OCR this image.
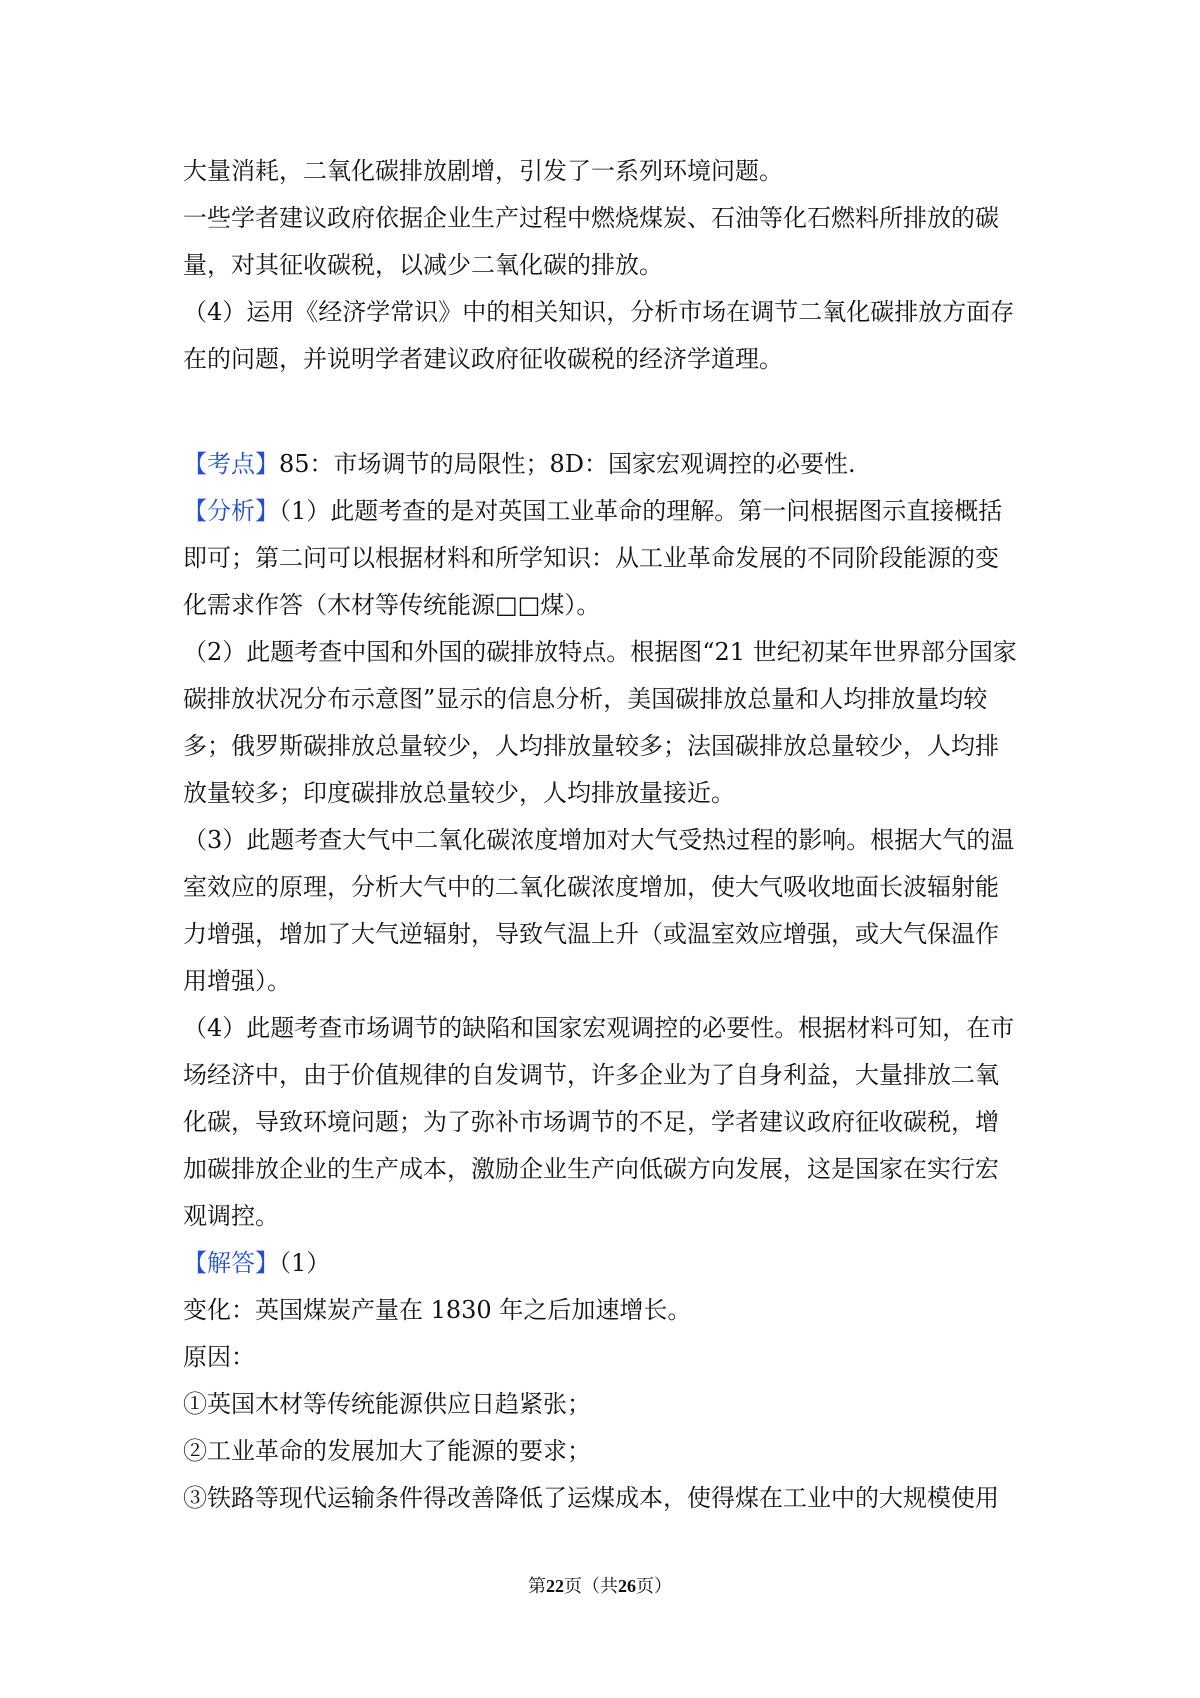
大量消耗，二氧化碳排放剧增，引发了一系列环境问题。
一些学者建议政府依据企业生产过程中燃烧煤炭、石油等化石燃料所排放的碳
量，对其征收碳税，以减少二氧化碳的排放。
（4）运用《经济学常识》中的相关知识，分析市场在调节二氧化碳排放方面存
在的问题，并说明学者建议政府征收碳税的经济学道理。
【考点】85：市场调节的局限性；8D：国家宏观调控的必要性.
【分析】（1）此题考查的是对英国工业革命的理解。第一问根据图示直接概括
即可；第二问可以根据材料和所学知识：从工业革命发展的不同阶段能源的变
化需求作答（木材等传统能源□□煤）。
（2）此题考查中国和外国的碳排放特点。根据图“21 世纪初某年世界部分国家
碳排放状况分布示意图”显示的信息分析，美国碳排放总量和人均排放量均较
多；俄罗斯碳排放总量较少，人均排放量较多；法国碳排放总量较少，人均排
放量较多；印度碳排放总量较少，人均排放量接近。
（3）此题考查大气中二氧化碳浓度增加对大气受热过程的影响。根据大气的温
室效应的原理，分析大气中的二氧化碳浓度增加，使大气吸收地面长波辐射能
力增强，增加了大气逆辐射，导致气温上升（或温室效应增强，或大气保温作
用增强）。
（4）此题考查市场调节的缺陷和国家宏观调控的必要性。根据材料可知，在市
场经济中，由于价值规律的自发调节，许多企业为了自身利益，大量排放二氧
化碳，导致环境问题；为了弥补市场调节的不足，学者建议政府征收碳税，增
加碳排放企业的生产成本，激励企业生产向低碳方向发展，这是国家在实行宏
观调控。
【解答】（1）
变化：英国煤炭产量在 1830 年之后加速增长。
原因：
①英国木材等传统能源供应日趋紧张；
②工业革命的发展加大了能源的要求；
③铁路等现代运输条件得改善降低了运煤成本，使得煤在工业中的大规模使用
第22页（共26页）
